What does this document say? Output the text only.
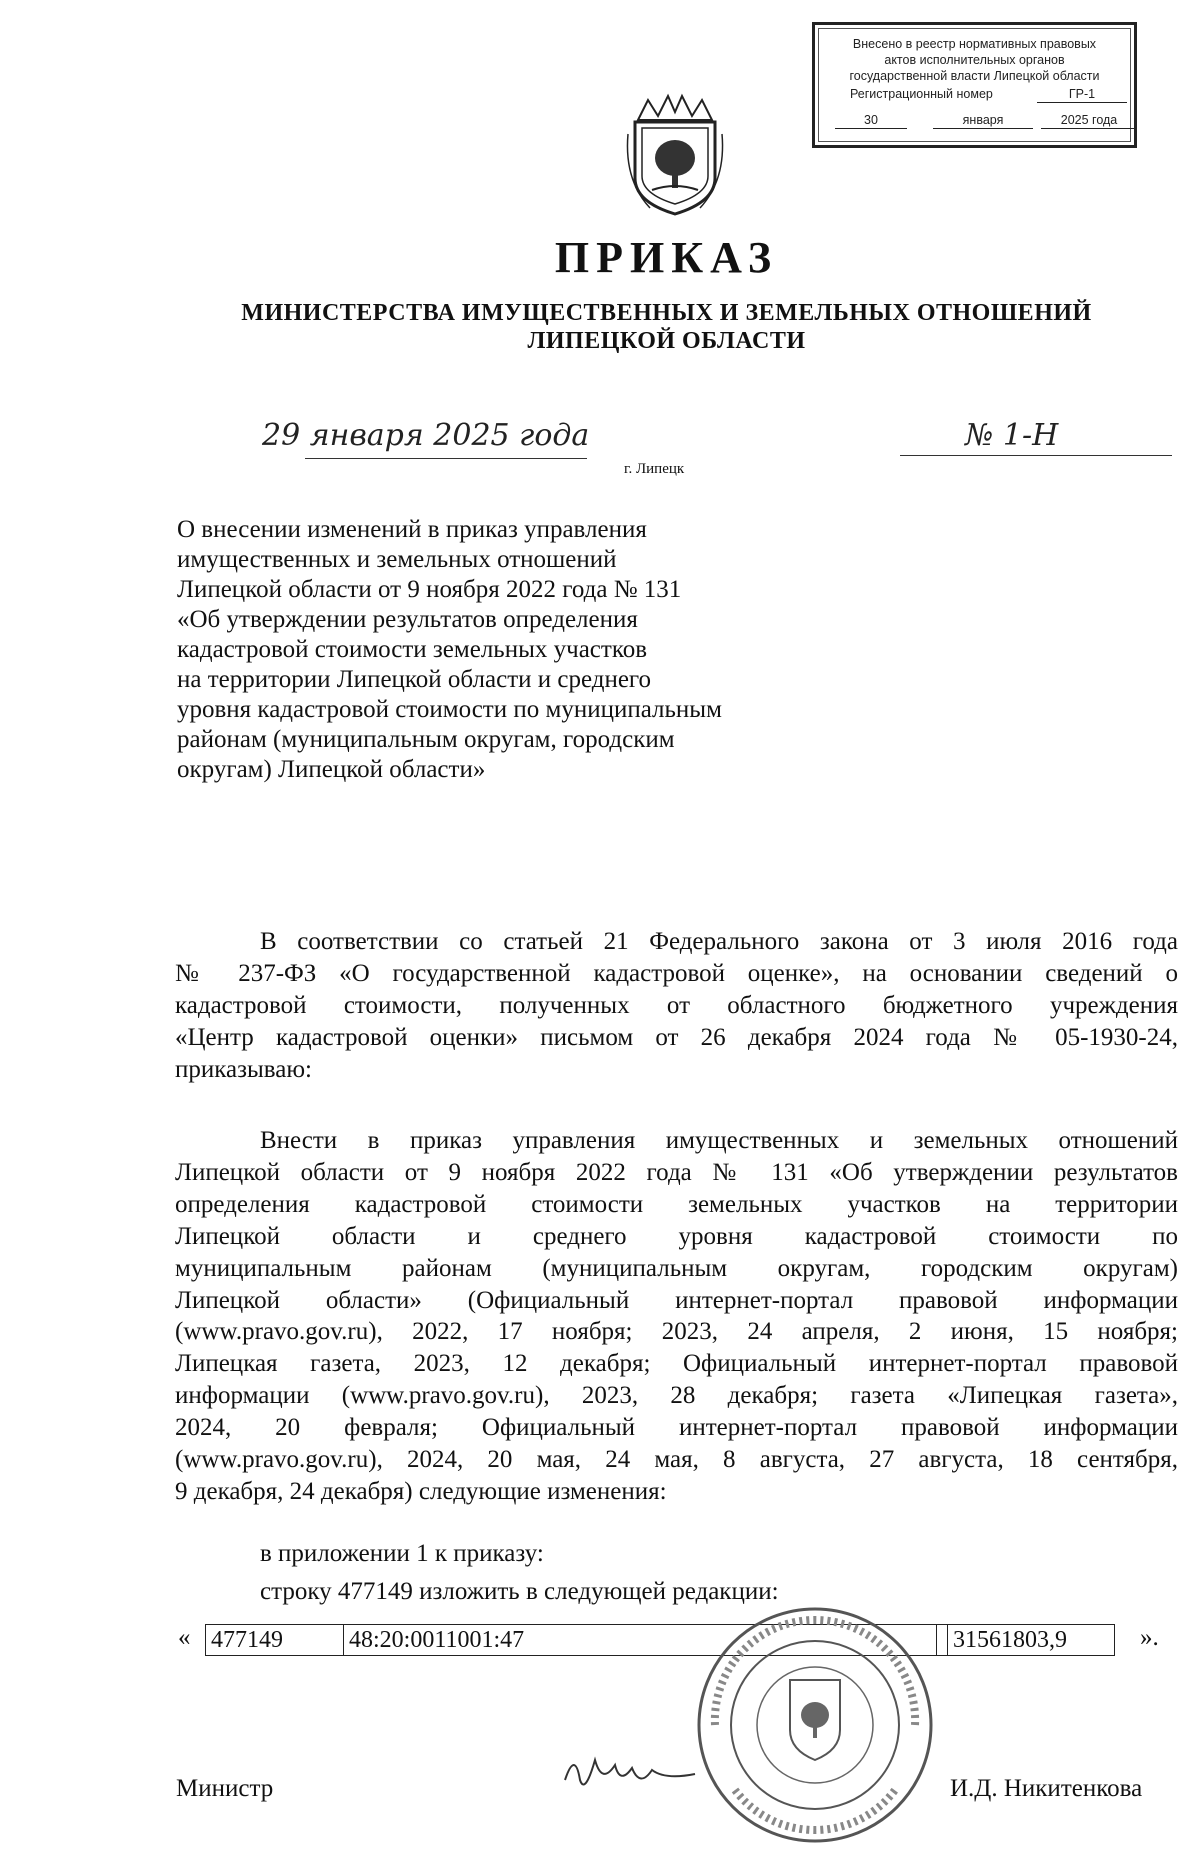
Внесено в реестр нормативных правовых
актов исполнительных органов
государственной власти Липецкой области
Регистрационный номер	ГР-1
30	января	2025 года
ПРИКАЗ
МИНИСТЕРСТВА ИМУЩЕСТВЕННЫХ И ЗЕМЕЛЬНЫХ ОТНОШЕНИЙ
ЛИПЕЦКОЙ ОБЛАСТИ
29 января 2025 года	№ 1-Н
г. Липецк
О внесении изменений в приказ управления
имущественных и земельных отношений
Липецкой области от 9 ноября 2022 года № 131
«Об утверждении результатов определения
кадастровой стоимости земельных участков
на территории Липецкой области и среднего
уровня кадастровой стоимости по муниципальным
районам (муниципальным округам, городским
округам) Липецкой области»
В соответствии со статьей 21 Федерального закона от 3 июля 2016 года
№ 237-ФЗ «О государственной кадастровой оценке», на основании сведений о
кадастровой стоимости, полученных от областного бюджетного учреждения
«Центр кадастровой оценки» письмом от 26 декабря 2024 года № 05-1930-24,
приказываю:
Внести в приказ управления имущественных и земельных отношений
Липецкой области от 9 ноября 2022 года № 131 «Об утверждении результатов
определения кадастровой стоимости земельных участков на территории
Липецкой области и среднего уровня кадастровой стоимости по
муниципальным районам (муниципальным округам, городским округам)
Липецкой области» (Официальный интернет-портал правовой информации
(www.pravo.gov.ru), 2022, 17 ноября; 2023, 24 апреля, 2 июня, 15 ноября;
Липецкая газета, 2023, 12 декабря; Официальный интернет-портал правовой
информации (www.pravo.gov.ru), 2023, 28 декабря; газета «Липецкая газета»,
2024, 20 февраля; Официальный интернет-портал правовой информации
(www.pravo.gov.ru), 2024, 20 мая, 24 мая, 8 августа, 27 августа, 18 сентября,
9 декабря, 24 декабря) следующие изменения:
в приложении 1 к приказу:
строку 477149 изложить в следующей редакции:
« 477149	48:20:0011001:47		31561803,9	».
Министр	И.Д. Никитенкова
